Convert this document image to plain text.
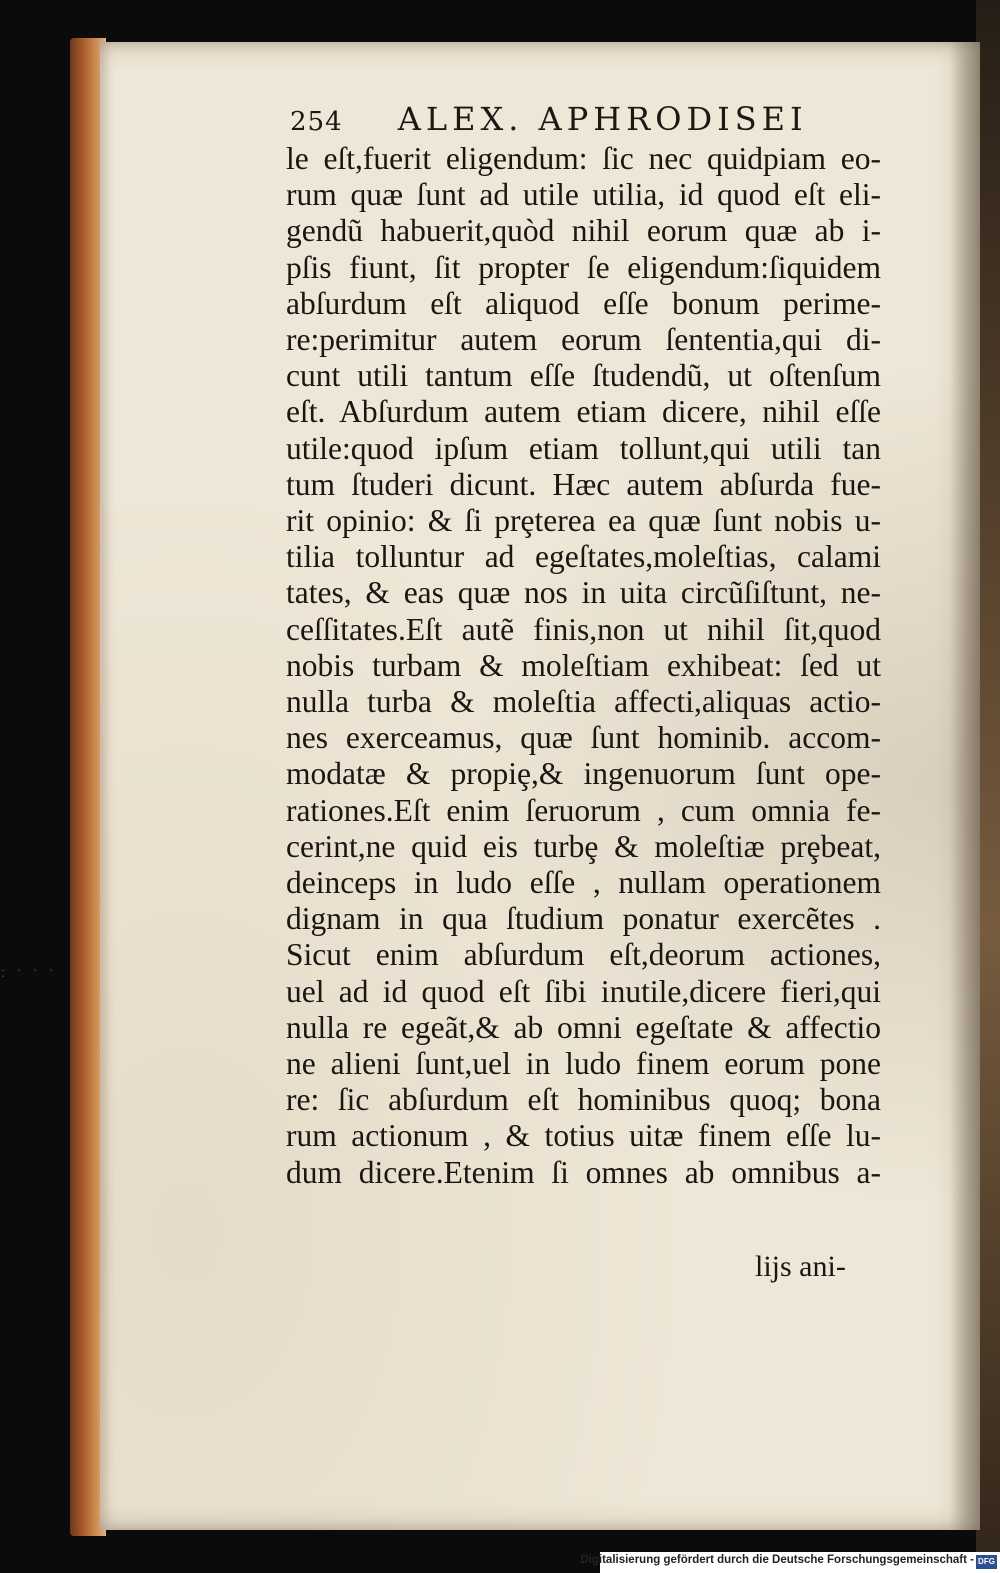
- - - - -
254 ALEX. APHRODISEI
le eſt,fuerit eligendum: ſic nec quidpiam eo-
rum quæ ſunt ad utile utilia, id quod eſt eli-
gendũ habuerit,quòd nihil eorum quæ ab i-
pſis fiunt, ſit propter ſe eligendum:ſiquidem
abſurdum eſt aliquod eſſe bonum perime-
re:perimitur autem eorum ſententia,qui di-
cunt utili tantum eſſe ſtudendũ, ut oſtenſum
eſt. Abſurdum autem etiam dicere, nihil eſſe
utile:quod ipſum etiam tollunt,qui utili tan
tum ſtuderi dicunt. Hæc autem abſurda fue-
rit opinio: & ſi prȩterea ea quæ ſunt nobis u-
tilia tolluntur ad egeſtates,moleſtias, calami
tates, & eas quæ nos in uita circũſiſtunt, ne-
ceſſitates.Eſt autẽ finis,non ut nihil ſit,quod
nobis turbam & moleſtiam exhibeat: ſed ut
nulla turba & moleſtia affecti,aliquas actio-
nes exerceamus, quæ ſunt hominib. accom-
modatæ & propiȩ,& ingenuorum ſunt ope-
rationes.Eſt enim ſeruorum , cum omnia fe-
cerint,ne quid eis turbȩ & moleſtiæ prȩbeat,
deinceps in ludo eſſe , nullam operationem
dignam in qua ſtudium ponatur exercẽtes .
Sicut enim abſurdum eſt,deorum actiones,
uel ad id quod eſt ſibi inutile,dicere fieri,qui
nulla re egeãt,& ab omni egeſtate & affectio
ne alieni ſunt,uel in ludo finem eorum pone
re: ſic abſurdum eſt hominibus quoq; bona
rum actionum , & totius uitæ finem eſſe lu-
dum dicere.Etenim ſi omnes ab omnibus a-
lijs ani-
Digitalisierung gefördert durch die Deutsche Forschungsgemeinschaft - DFG
